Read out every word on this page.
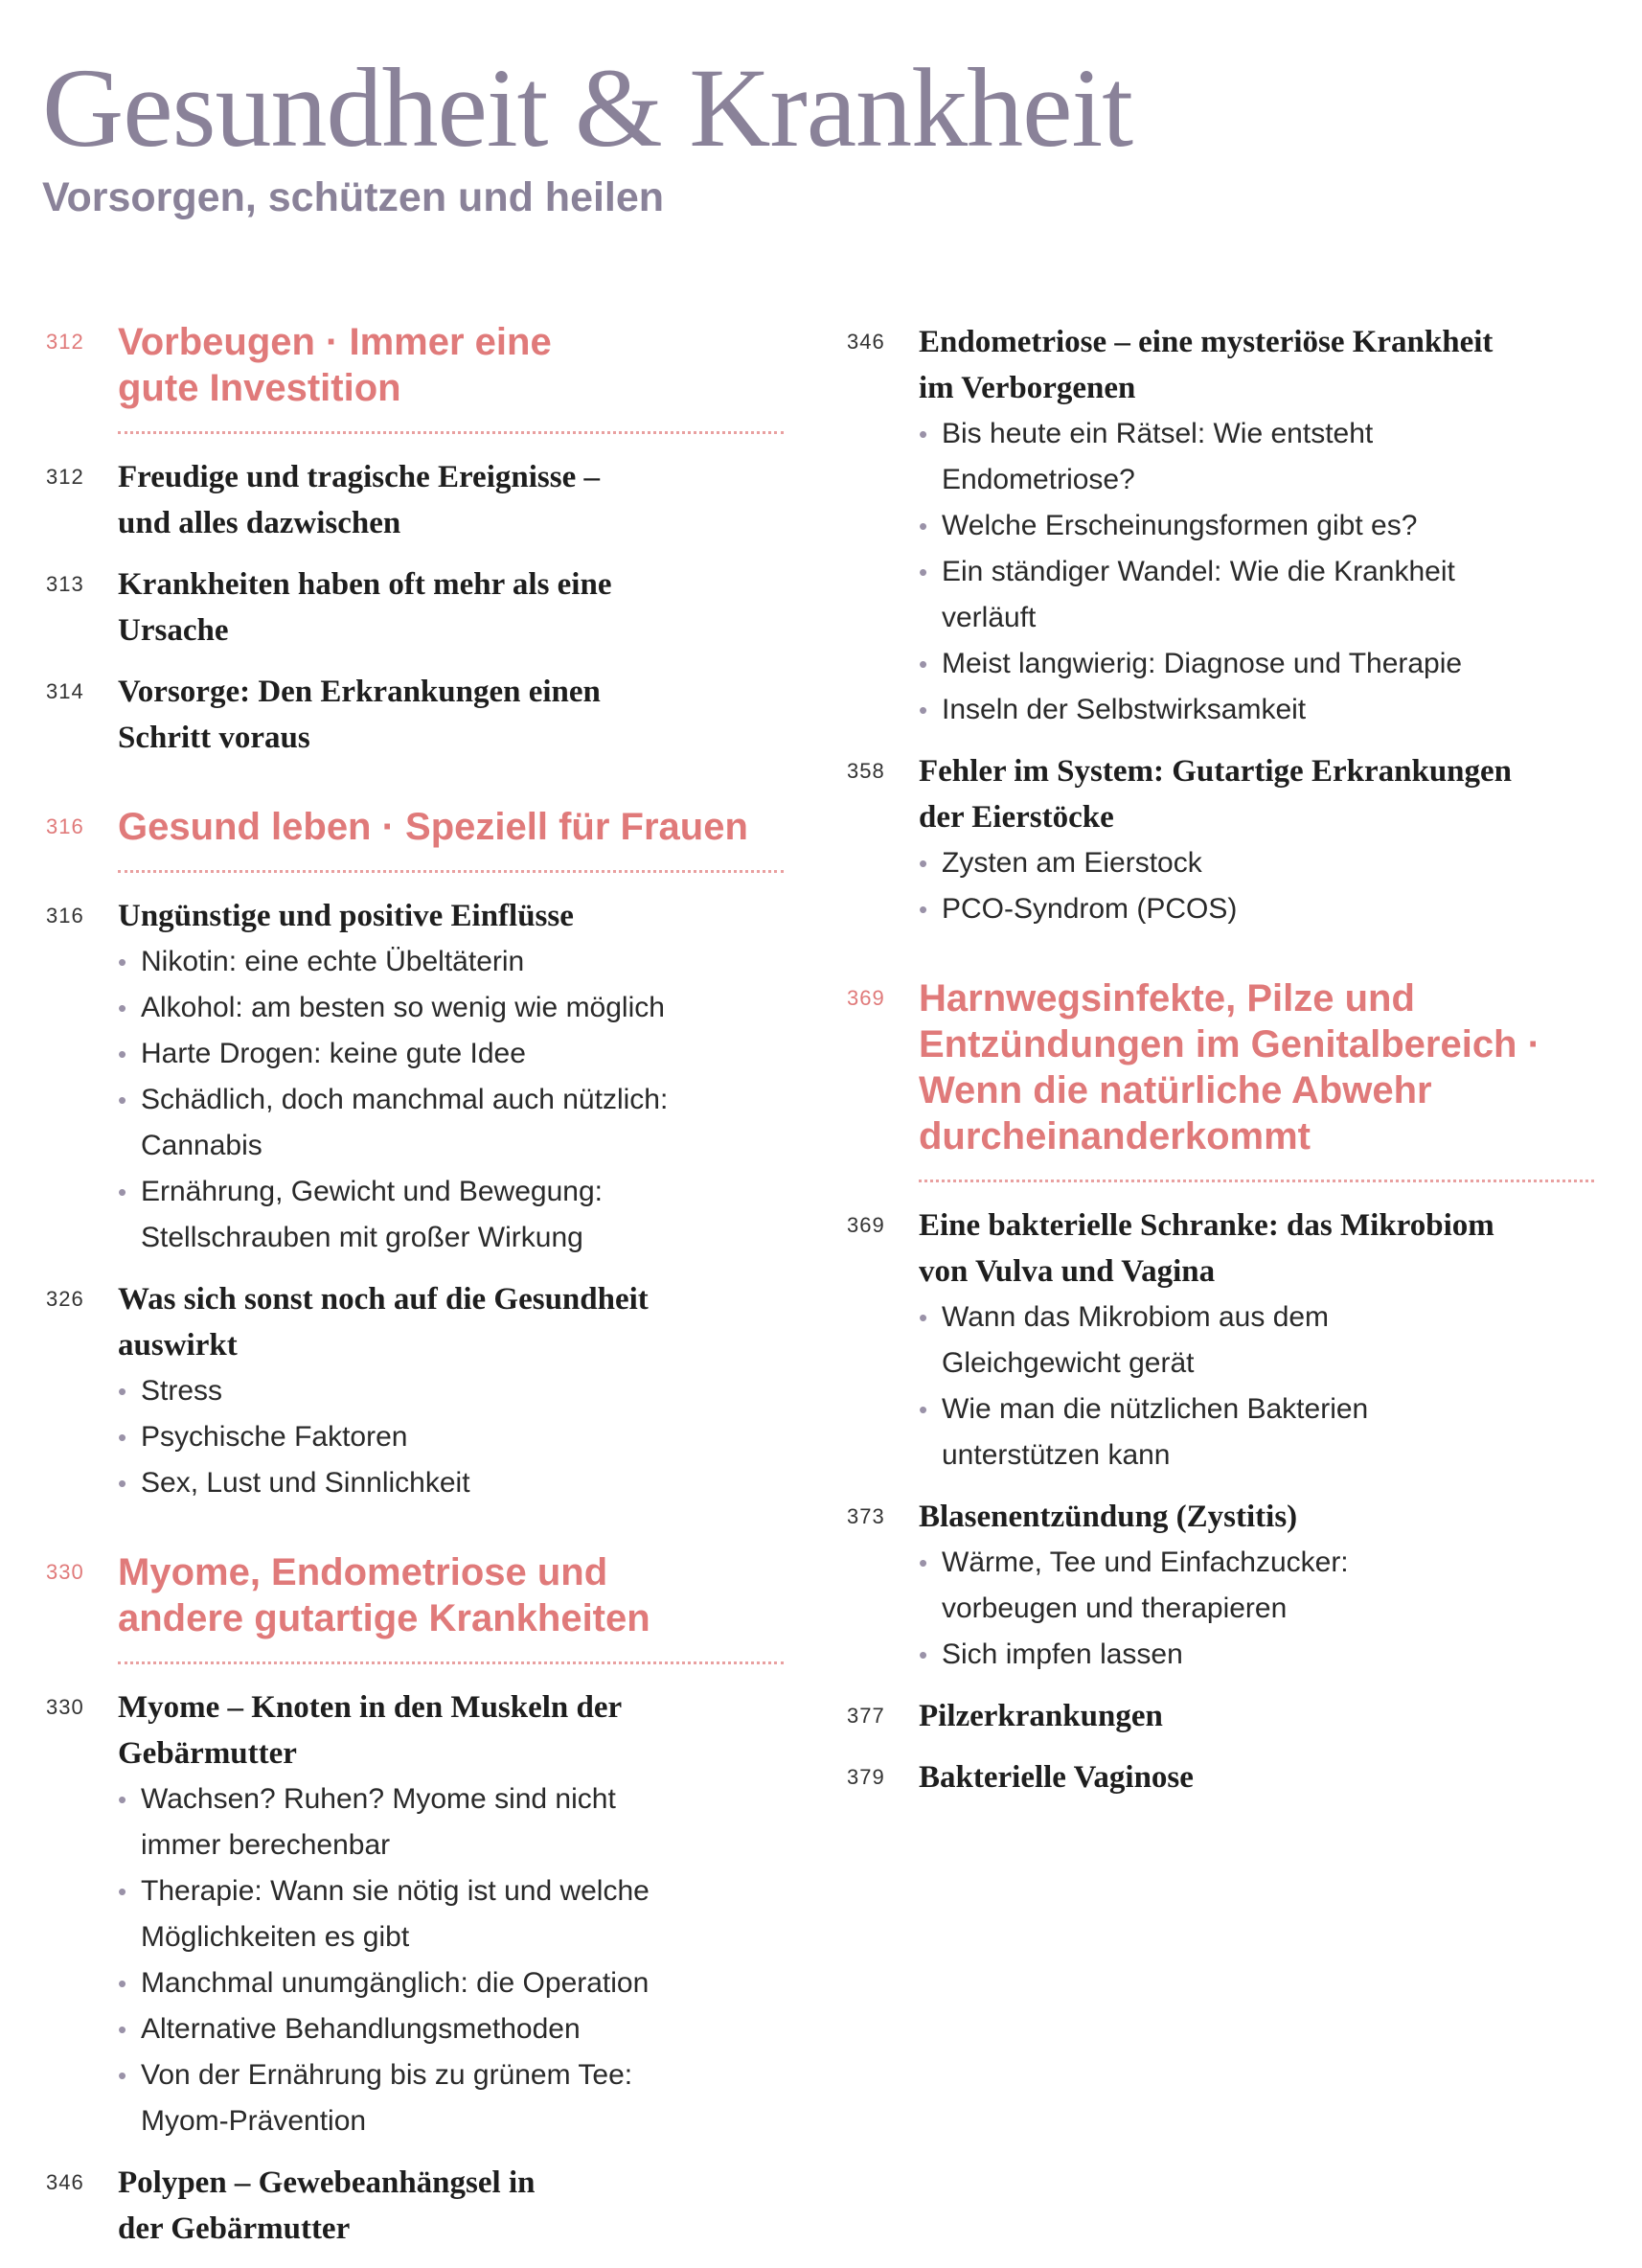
Gesundheit & Krankheit
Vorsorgen, schützen und heilen
312 Vorbeugen · Immer eine
gute Investition
312 Freudige und tragische Ereignisse –
und alles dazwischen
313 Krankheiten haben oft mehr als eine
Ursache
314 Vorsorge: Den Erkrankungen einen
Schritt voraus
316 Gesund leben · Speziell für Frauen
316 Ungünstige und positive Einflüsse
• Nikotin: eine echte Übeltäterin
• Alkohol: am besten so wenig wie möglich
• Harte Drogen: keine gute Idee
• Schädlich, doch manchmal auch nützlich:
Cannabis
• Ernährung, Gewicht und Bewegung:
Stellschrauben mit großer Wirkung
326 Was sich sonst noch auf die Gesundheit
auswirkt
• Stress
• Psychische Faktoren
• Sex, Lust und Sinnlichkeit
330 Myome, Endometriose und
andere gutartige Krankheiten
330 Myome – Knoten in den Muskeln der
Gebärmutter
• Wachsen? Ruhen? Myome sind nicht
immer berechenbar
• Therapie: Wann sie nötig ist und welche
Möglichkeiten es gibt
• Manchmal unumgänglich: die Operation
• Alternative Behandlungsmethoden
• Von der Ernährung bis zu grünem Tee:
Myom-Prävention
346 Polypen – Gewebeanhängsel in
der Gebärmutter
346 Endometriose – eine mysteriöse Krankheit
im Verborgenen
• Bis heute ein Rätsel: Wie entsteht
Endometriose?
• Welche Erscheinungsformen gibt es?
• Ein ständiger Wandel: Wie die Krankheit
verläuft
• Meist langwierig: Diagnose und Therapie
• Inseln der Selbstwirksamkeit
358 Fehler im System: Gutartige Erkrankungen
der Eierstöcke
• Zysten am Eierstock
• PCO-Syndrom (PCOS)
369 Harnwegsinfekte, Pilze und
Entzündungen im Genitalbereich ·
Wenn die natürliche Abwehr
durcheinanderkommt
369 Eine bakterielle Schranke: das Mikrobiom
von Vulva und Vagina
• Wann das Mikrobiom aus dem
Gleichgewicht gerät
• Wie man die nützlichen Bakterien
unterstützen kann
373 Blasenentzündung (Zystitis)
• Wärme, Tee und Einfachzucker:
vorbeugen und therapieren
• Sich impfen lassen
377 Pilzerkrankungen
379 Bakterielle Vaginose
